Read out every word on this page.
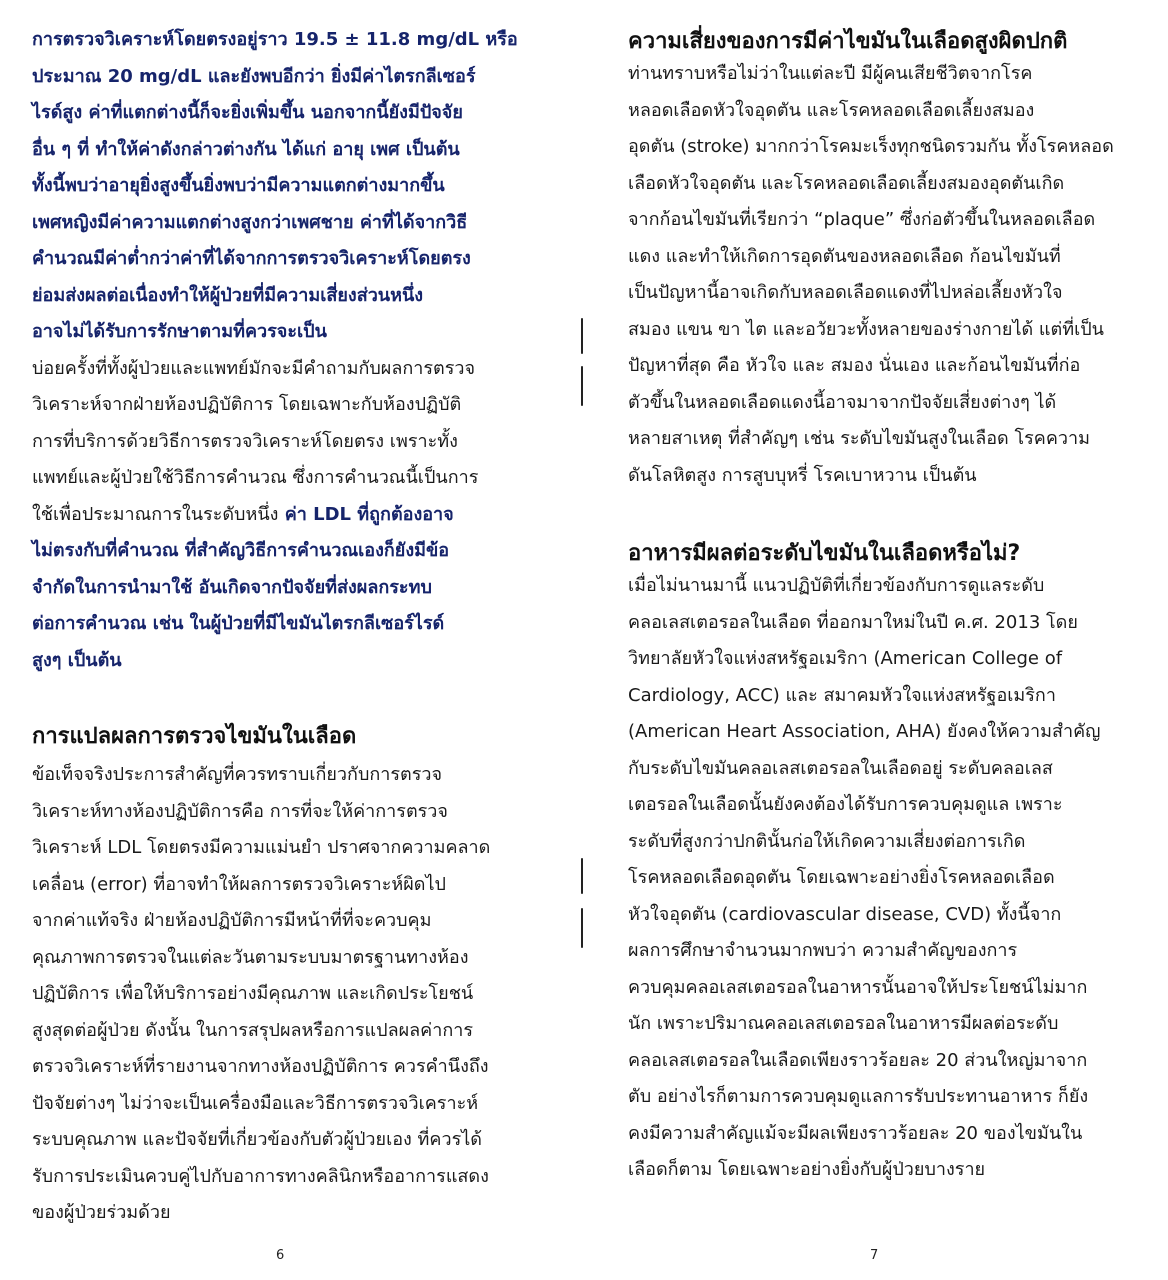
การตรวจวิเคราะห์โดยตรงอยู่ราว 19.5 ± 11.8 mg/dL หรือ
ประมาณ 20 mg/dL และยังพบอีกว่า ยิ่งมีค่าไตรกลีเซอร์
ไรด์สูง ค่าที่แตกต่างนี้ก็จะยิ่งเพิ่มขึ้น นอกจากนี้ยังมีปัจจัย
อื่น ๆ ที่ ทำให้ค่าดังกล่าวต่างกัน ได้แก่ อายุ เพศ เป็นต้น
ทั้งนี้พบว่าอายุยิ่งสูงขึ้นยิ่งพบว่ามีความแตกต่างมากขึ้น
เพศหญิงมีค่าความแตกต่างสูงกว่าเพศชาย ค่าที่ได้จากวิธี
คำนวณมีค่าต่ำกว่าค่าที่ได้จากการตรวจวิเคราะห์โดยตรง
ย่อมส่งผลต่อเนื่องทำให้ผู้ป่วยที่มีความเสี่ยงส่วนหนึ่ง
อาจไม่ได้รับการรักษาตามที่ควรจะเป็น
บ่อยครั้งที่ทั้งผู้ป่วยและแพทย์มักจะมีคำถามกับผลการตรวจ
วิเคราะห์จากฝ่ายห้องปฏิบัติการ โดยเฉพาะกับห้องปฏิบัติ
การที่บริการด้วยวิธีการตรวจวิเคราะห์โดยตรง เพราะทั้ง
แพทย์และผู้ป่วยใช้วิธีการคำนวณ ซึ่งการคำนวณนี้เป็นการ
ใช้เพื่อประมาณการในระดับหนึ่ง ค่า LDL ที่ถูกต้องอาจ
ไม่ตรงกับที่คำนวณ ที่สำคัญวิธีการคำนวณเองก็ยังมีข้อ
จำกัดในการนำมาใช้ อันเกิดจากปัจจัยที่ส่งผลกระทบ
ต่อการคำนวณ เช่น ในผู้ป่วยที่มีไขมันไตรกลีเซอร์ไรด์
สูงๆ เป็นต้น
การแปลผลการตรวจไขมันในเลือด
ข้อเท็จจริงประการสำคัญที่ควรทราบเกี่ยวกับการตรวจ
วิเคราะห์ทางห้องปฏิบัติการคือ การที่จะให้ค่าการตรวจ
วิเคราะห์ LDL โดยตรงมีความแม่นยำ ปราศจากความคลาด
เคลื่อน (error) ที่อาจทำให้ผลการตรวจวิเคราะห์ผิดไป
จากค่าแท้จริง ฝ่ายห้องปฏิบัติการมีหน้าที่ที่จะควบคุม
คุณภาพการตรวจในแต่ละวันตามระบบมาตรฐานทางห้อง
ปฏิบัติการ เพื่อให้บริการอย่างมีคุณภาพ และเกิดประโยชน์
สูงสุดต่อผู้ป่วย ดังนั้น ในการสรุปผลหรือการแปลผลค่าการ
ตรวจวิเคราะห์ที่รายงานจากทางห้องปฏิบัติการ ควรคำนึงถึง
ปัจจัยต่างๆ ไม่ว่าจะเป็นเครื่องมือและวิธีการตรวจวิเคราะห์
ระบบคุณภาพ และปัจจัยที่เกี่ยวข้องกับตัวผู้ป่วยเอง ที่ควรได้
รับการประเมินควบคู่ไปกับอาการทางคลินิกหรืออาการแสดง
ของผู้ป่วยร่วมด้วย
6
ความเสี่ยงของการมีค่าไขมันในเลือดสูงผิดปกติ
ท่านทราบหรือไม่ว่าในแต่ละปี มีผู้คนเสียชีวิตจากโรค
หลอดเลือดหัวใจอุดตัน และโรคหลอดเลือดเลี้ยงสมอง
อุดตัน (stroke) มากกว่าโรคมะเร็งทุกชนิดรวมกัน ทั้งโรคหลอด
เลือดหัวใจอุดตัน และโรคหลอดเลือดเลี้ยงสมองอุดตันเกิด
จากก้อนไขมันที่เรียกว่า “plaque” ซึ่งก่อตัวขึ้นในหลอดเลือด
แดง และทำให้เกิดการอุดตันของหลอดเลือด ก้อนไขมันที่
เป็นปัญหานี้อาจเกิดกับหลอดเลือดแดงที่ไปหล่อเลี้ยงหัวใจ
สมอง แขน ขา ไต และอวัยวะทั้งหลายของร่างกายได้ แต่ที่เป็น
ปัญหาที่สุด คือ หัวใจ และ สมอง นั่นเอง และก้อนไขมันที่ก่อ
ตัวขึ้นในหลอดเลือดแดงนี้อาจมาจากปัจจัยเสี่ยงต่างๆ ได้
หลายสาเหตุ ที่สำคัญๆ เช่น ระดับไขมันสูงในเลือด โรคความ
ดันโลหิตสูง การสูบบุหรี่ โรคเบาหวาน เป็นต้น
อาหารมีผลต่อระดับไขมันในเลือดหรือไม่?
เมื่อไม่นานมานี้ แนวปฏิบัติที่เกี่ยวข้องกับการดูแลระดับ
คลอเลสเตอรอลในเลือด ที่ออกมาใหม่ในปี ค.ศ. 2013 โดย
วิทยาลัยหัวใจแห่งสหรัฐอเมริกา (American College of
Cardiology, ACC) และ สมาคมหัวใจแห่งสหรัฐอเมริกา
(American Heart Association, AHA) ยังคงให้ความสำคัญ
กับระดับไขมันคลอเลสเตอรอลในเลือดอยู่ ระดับคลอเลส
เตอรอลในเลือดนั้นยังคงต้องได้รับการควบคุมดูแล เพราะ
ระดับที่สูงกว่าปกตินั้นก่อให้เกิดความเสี่ยงต่อการเกิด
โรคหลอดเลือดอุดตัน โดยเฉพาะอย่างยิ่งโรคหลอดเลือด
หัวใจอุดตัน (cardiovascular disease, CVD) ทั้งนี้จาก
ผลการศึกษาจำนวนมากพบว่า ความสำคัญของการ
ควบคุมคลอเลสเตอรอลในอาหารนั้นอาจให้ประโยชน์ไม่มาก
นัก เพราะปริมาณคลอเลสเตอรอลในอาหารมีผลต่อระดับ
คลอเลสเตอรอลในเลือดเพียงราวร้อยละ 20 ส่วนใหญ่มาจาก
ตับ อย่างไรก็ตามการควบคุมดูแลการรับประทานอาหาร ก็ยัง
คงมีความสำคัญแม้จะมีผลเพียงราวร้อยละ 20 ของไขมันใน
เลือดก็ตาม โดยเฉพาะอย่างยิ่งกับผู้ป่วยบางราย
7
